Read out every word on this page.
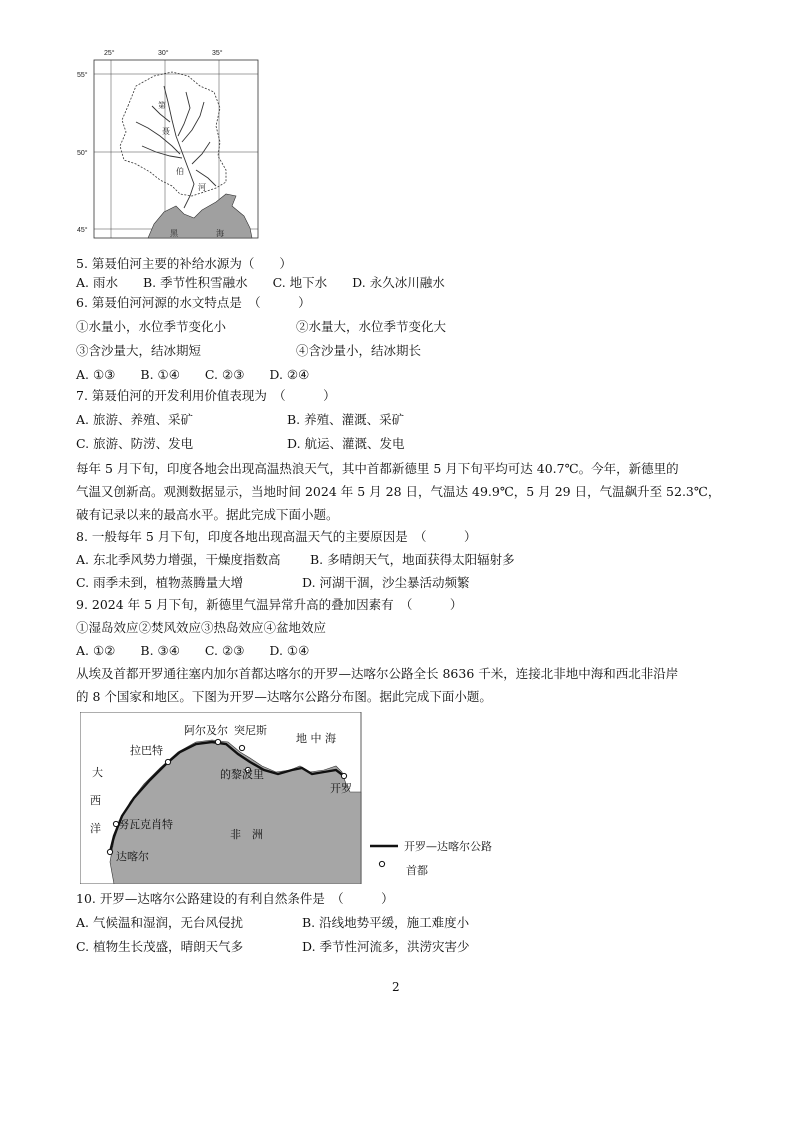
25°	30°	35°
55°
50°
45°	黑	海
第
聂
伯
河
5. 第聂伯河主要的补给水源为（　　）
A. 雨水　　B. 季节性积雪融水　　C. 地下水　　D. 永久冰川融水
6. 第聂伯河河源的水文特点是　（　　　）
①水量小，水位季节变化小	②水量大，水位季节变化大
③含沙量大，结冰期短	④含沙量小，结冰期长
A. ①③　　B. ①④　　C. ②③　　D. ②④
7. 第聂伯河的开发利用价值表现为　（　　　）
A. 旅游、养殖、采矿	B. 养殖、灌溉、采矿
C. 旅游、防涝、发电	D. 航运、灌溉、发电
每年 5 月下旬，印度各地会出现高温热浪天气，其中首都新德里 5 月下旬平均可达 40.7℃。今年，新德里的
气温又创新高。观测数据显示，当地时间 2024 年 5 月 28 日，气温达 49.9℃，5 月 29 日，气温飙升至 52.3℃，
破有记录以来的最高水平。据此完成下面小题。
8. 一般每年 5 月下旬，印度各地出现高温天气的主要原因是　（　　　）
A. 东北季风势力增强，干燥度指数高 B. 多晴朗天气，地面获得太阳辐射多
C. 雨季未到，植物蒸腾量大增	D. 河湖干涸，沙尘暴活动频繁
9. 2024 年 5 月下旬，新德里气温异常升高的叠加因素有　（　　　）
①湿岛效应②焚风效应③热岛效应④盆地效应
A. ①②　　B. ③④　　C. ②③　　D. ①④
从埃及首都开罗通往塞内加尔首都达喀尔的开罗—达喀尔公路全长 8636 千米，连接北非地中海和西北非沿岸
的 8 个国家和地区。下图为开罗—达喀尔公路分布图。据此完成下面小题。
阿尔及尔 突尼斯
地 中 海
拉巴特
的黎波里
开罗
大
西
洋 努瓦克肖特
非　洲
达喀尔
开罗—达喀尔公路
首都
10. 开罗—达喀尔公路建设的有利自然条件是　（　　　）
A. 气候温和湿润，无台风侵扰	B. 沿线地势平缓，施工难度小
C. 植物生长茂盛，晴朗天气多	D. 季节性河流多，洪涝灾害少
2
